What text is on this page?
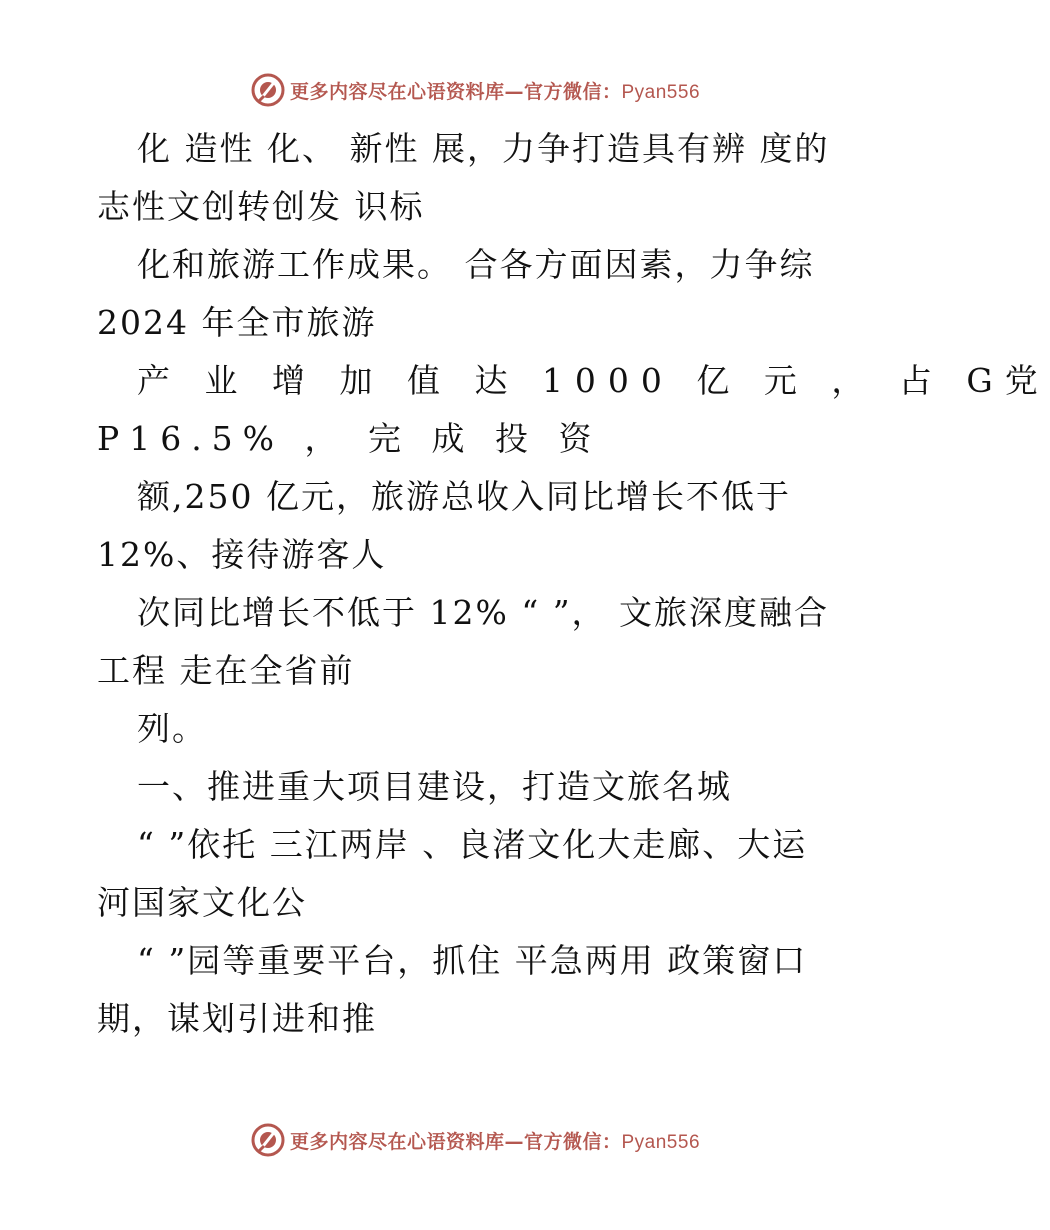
更多内容尽在心语资料库—官方微信：Pyan556
化 造性 化、 新性 展，力争打造具有辨 度的
志性文创转创发 识标
化和旅游工作成果。 合各方面因素，力争综
2024 年全市旅游
产 业 增 加 值 达 1000 亿 元 ， 占 G党
P16.5% ， 完 成 投 资
额,250 亿元，旅游总收入同比增长不低于
12%、接待游客人
次同比增长不低于 12% “ ”， 文旅深度融合
工程 走在全省前
列。
一、推进重大项目建设，打造文旅名城
“ ”依托 三江两岸 、良渚文化大走廊、大运
河国家文化公
“ ”园等重要平台，抓住 平急两用 政策窗口
期，谋划引进和推
更多内容尽在心语资料库—官方微信：Pyan556
